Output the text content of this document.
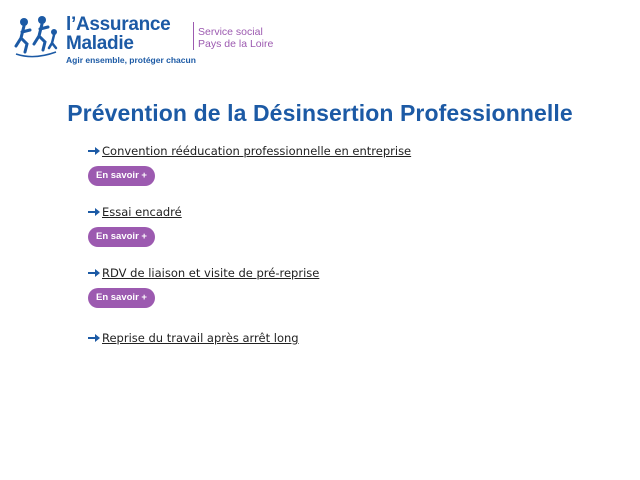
l’Assurance
Maladie
Agir ensemble, protéger chacun
Service social
Pays de la Loire
Prévention de la Désinsertion Professionnelle
Convention rééducation professionnelle en entreprise
En savoir +
Essai encadré
En savoir +
RDV de liaison et visite de pré-reprise
En savoir +
Reprise du travail après arrêt long
